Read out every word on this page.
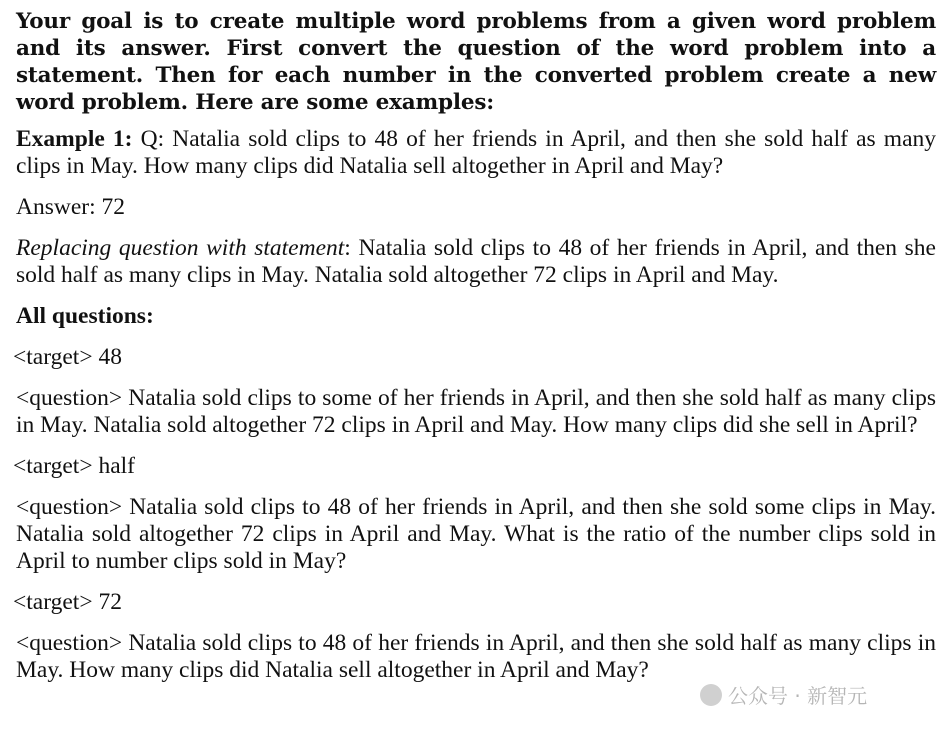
Your goal is to create multiple word problems from a given word problem and its answer. First convert the question of the word problem into a statement. Then for each number in the converted problem create a new word problem. Here are some examples:

Example 1: Q: Natalia sold clips to 48 of her friends in April, and then she sold half as many clips in May. How many clips did Natalia sell altogether in April and May?

Answer: 72

Replacing question with statement: Natalia sold clips to 48 of her friends in April, and then she sold half as many clips in May. Natalia sold altogether 72 clips in April and May.

All questions:

<target> 48

<question> Natalia sold clips to some of her friends in April, and then she sold half as many clips in May. Natalia sold altogether 72 clips in April and May. How many clips did she sell in April?

<target> half

<question> Natalia sold clips to 48 of her friends in April, and then she sold some clips in May. Natalia sold altogether 72 clips in April and May. What is the ratio of the number clips sold in April to number clips sold in May?

<target> 72

<question> Natalia sold clips to 48 of her friends in April, and then she sold half as many clips in May. How many clips did Natalia sell altogether in April and May?

公众号 · 新智元
